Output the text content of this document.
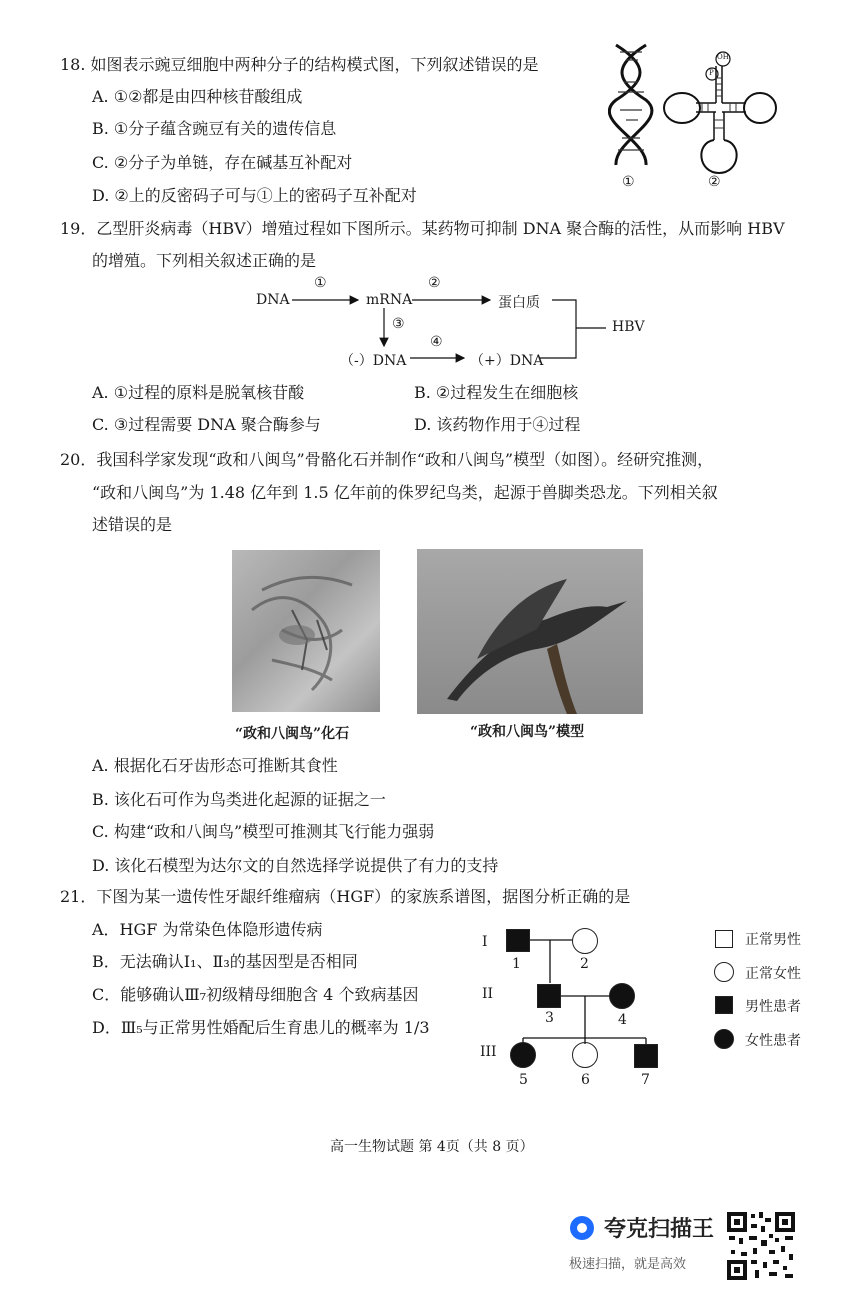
18. 如图表示豌豆细胞中两种分子的结构模式图，下列叙述错误的是
A. ①②都是由四种核苷酸组成
B. ①分子蕴含豌豆有关的遗传信息
C. ②分子为单链，存在碱基互补配对
D. ②上的反密码子可与①上的密码子互补配对
①
OH
P
②
19．乙型肝炎病毒（HBV）增殖过程如下图所示。某药物可抑制 DNA 聚合酶的活性，从而影响 HBV
的增殖。下列相关叙述正确的是
DNA
①
mRNA
②
蛋白质
③
（-）DNA
④
（+）DNA
HBV
A. ①过程的原料是脱氧核苷酸	B. ②过程发生在细胞核
C. ③过程需要 DNA 聚合酶参与	D. 该药物作用于④过程
20．我国科学家发现“政和八闽鸟”骨骼化石并制作“政和八闽鸟”模型（如图）。经研究推测，
“政和八闽鸟”为 1.48 亿年到 1.5 亿年前的侏罗纪鸟类，起源于兽脚类恐龙。下列相关叙
述错误的是
“政和八闽鸟”化石	“政和八闽鸟”模型
A. 根据化石牙齿形态可推断其食性
B. 该化石可作为鸟类进化起源的证据之一
C. 构建“政和八闽鸟”模型可推测其飞行能力强弱
D. 该化石模型为达尔文的自然选择学说提供了有力的支持
21．下图为某一遗传性牙龈纤维瘤病（HGF）的家族系谱图，据图分析正确的是
A．HGF 为常染色体隐形遗传病
B．无法确认Ⅰ₁、Ⅱ₃的基因型是否相同
C．能够确认Ⅲ₇初级精母细胞含 4 个致病基因
D．Ⅲ₅与正常男性婚配后生育患儿的概率为 1/3
I
II
III
1	2
3	4
5	6	7
正常男性
正常女性
男性患者
女性患者
高一生物试题 第 4页（共 8 页）
夸克扫描王
极速扫描，就是高效
